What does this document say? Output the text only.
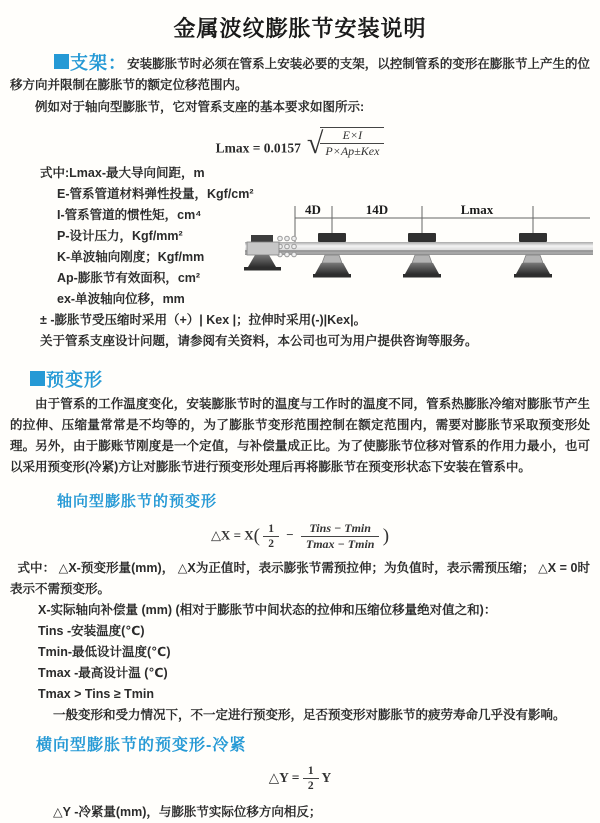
金属波纹膨胀节安装说明

支架：安装膨胀节时必须在管系上安装必要的支架，以控制管系的变形在膨胀节上产生的位移方向并限制在膨胀节的额定位移范围内。

例如对于轴向型膨胀节，它对管系支座的基本要求如图所示:

Lmax = 0.0157 √
$\frac{E\times I}{\text{P×Ap±Kex}}$
式中:Lmax-最大导向间距，m
E-管系管道材料弹性投量，Kgf/cm²
I-管系管道的惯性矩，cm⁴
P-设计压力，Kgf/mm²
K-单波轴向刚度；Kgf/mm
Ap-膨胀节有效面积，cm²
ex-单波轴向位移，mm
± -膨胀节受压缩时采用（+）| Kex |；拉伸时采用(-)|Kex|。
关于管系支座设计问题，请参阅有关资料，本公司也可为用户提供咨询等服务。
4D	14D	Lmax
预变形

由于管系的工作温度变化，安装膨胀节时的温度与工作时的温度不同，管系热膨胀冷缩对膨胀节产生的拉伸、压缩量常常是不均等的，为了膨胀节变形范围控制在额定范围内，需要对膨胀节采取预变形处理。另外，由于膨账节刚度是一个定值，与补偿量成正比。为了使膨胀节位移对管系的作用力最小，也可以采用预变形(冷紧)方让对膨胀节进行预变形处理后再将膨胀节在预变形状态下安装在管系中。

轴向型膨胀节的预变形
△X = $X( \frac{1}{2} - \frac{\text{Tins − Tmin}}{Tmax - Tmin}$ )

式中： △X-预变形量(mm)， △X为正值时，表示膨张节需预拉伸；为负值时，表示需预压缩； △X = 0时表示不需预变形。

X-实际轴向补偿量 (mm) (相对于膨胀节中间状态的拉伸和压缩位移量绝对值之和)：
Tins -安装温度(℃)
Tmin-最低设计温度(℃)
Tmax -最高设计温 (℃)
Tmax > Tins ≥ Tmin
一般变形和受力情况下，不一定进行预变形，足否预变形对膨胀节的疲劳寿命几乎没有影响。
横向型膨胀节的预变形-冷紧
△Y = $\frac{1}{2}$ Y
△Y -冷紧量(mm)，与膨胀节实际位移方向相反；
